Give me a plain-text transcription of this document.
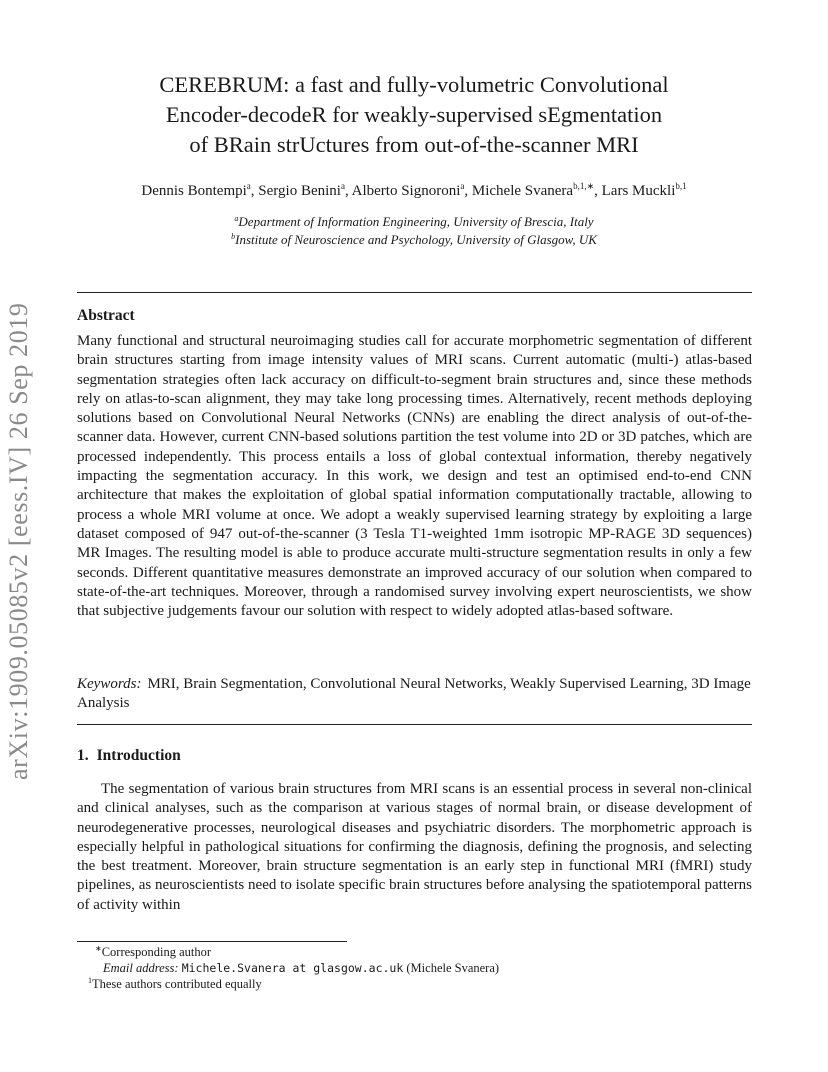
arXiv:1909.05085v2 [eess.IV] 26 Sep 2019
CEREBRUM: a fast and fully-volumetric Convolutional
Encoder-decodeR for weakly-supervised sEgmentation
of BRain strUctures from out-of-the-scanner MRI
Dennis Bontempi$^a$, Sergio Benini$^a$, Alberto Signoroni$^a$, Michele Svanera$^{b,1,∗}$, Lars Muckli$^{b,1}$
$^a$Department of Information Engineering, University of Brescia, Italy
$^b$Institute of Neuroscience and Psychology, University of Glasgow, UK
Abstract

Many functional and structural neuroimaging studies call for accurate morphometric segmentation of different brain structures starting from image intensity values of MRI scans. Current automatic (multi-) atlas-based segmentation strategies often lack accuracy on difficult-to-segment brain structures and, since these methods rely on atlas-to-scan alignment, they may take long processing times. Alternatively, recent methods deploying solutions based on Convolutional Neural Networks (CNNs) are enabling the direct analysis of out-of-the-scanner data. However, current CNN-based solutions partition the test volume into 2D or 3D patches, which are processed independently. This process entails a loss of global contextual information, thereby negatively impacting the segmentation accuracy. In this work, we design and test an optimised end-to-end CNN architecture that makes the exploitation of global spatial information computationally tractable, allowing to process a whole MRI volume at once. We adopt a weakly supervised learning strategy by exploiting a large dataset composed of 947 out-of-the-scanner (3 Tesla T1-weighted 1mm isotropic MP-RAGE 3D sequences) MR Images. The resulting model is able to produce accurate multi-structure segmentation results in only a few seconds. Different quantitative measures demonstrate an improved accuracy of our solution when compared to state-of-the-art techniques. Moreover, through a randomised survey involving expert neuroscientists, we show that subjective judgements favour our solution with respect to widely adopted atlas-based software.

Keywords: MRI, Brain Segmentation, Convolutional Neural Networks, Weakly Supervised Learning, 3D Image Analysis

1. Introduction

The segmentation of various brain structures from MRI scans is an essential process in several non-clinical and clinical analyses, such as the comparison at various stages of normal brain, or disease development of neurodegenerative processes, neurological diseases and psychiatric disorders. The morphometric approach is especially helpful in pathological situations for confirming the diagnosis, defining the prognosis, and selecting the best treatment. Moreover, brain structure segmentation is an early step in functional MRI (fMRI) study pipelines, as neuroscientists need to isolate specific brain structures before analysing the spatiotemporal patterns of activity within

∗Corresponding author
Email address: Michele.Svanera at glasgow.ac.uk (Michele Svanera)
$^1$These authors contributed equally
